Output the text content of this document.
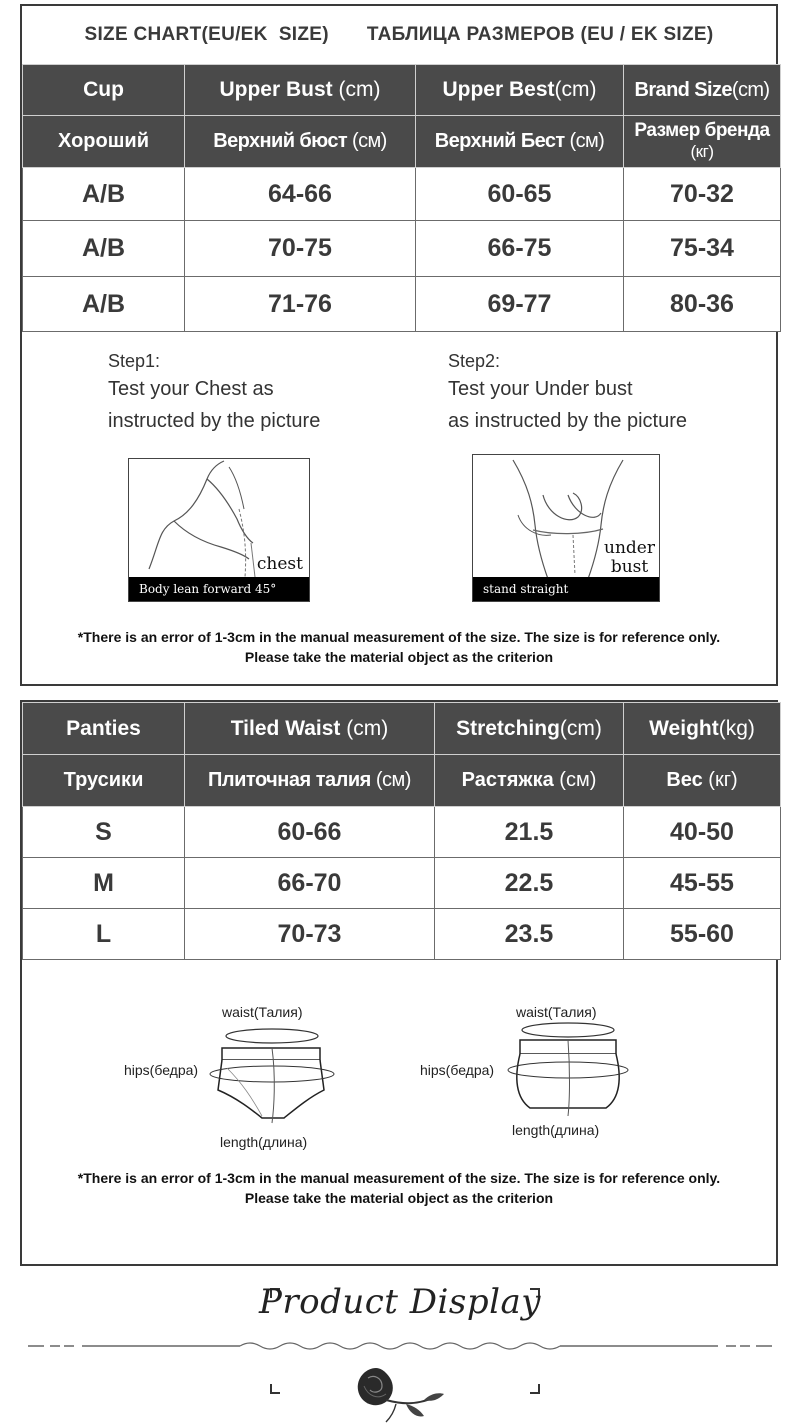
SIZE CHART(EU/EK  SIZE) ТАБЛИЦА РАЗМЕРОВ (EU / EK SIZE)
Cup	Upper Bust (cm)	Upper Best(cm)	Brand Size(cm)
Хороший	Верхний бюст (см)	Верхний Бест (см)	Размер бренда
(кг)
A/B	64-66	60-65	70-32
A/B	70-75	66-75	75-34
A/B	71-76	69-77	80-36
Step1:
Test your Chest as
instructed by the picture
Step2:
Test your Under bust
as instructed by the picture
chest
Body lean forward 45°
under
bust
stand straight
*There is an error of 1-3cm in the manual measurement of the size. The size is for reference only.
Please take the material object as the criterion
Panties	Tiled Waist (cm)	Stretching(cm)	Weight(kg)
Трусики	Плиточная талия (см)	Растяжка (см)	Вес (кг)
S	60-66	21.5	40-50
M	66-70	22.5	45-55
L	70-73	23.5	55-60
waist(Талия)
hips(бедра)
length(длина)
waist(Талия)
hips(бедра)
length(длина)
*There is an error of 1-3cm in the manual measurement of the size. The size is for reference only.
Please take the material object as the criterion
Product Display
